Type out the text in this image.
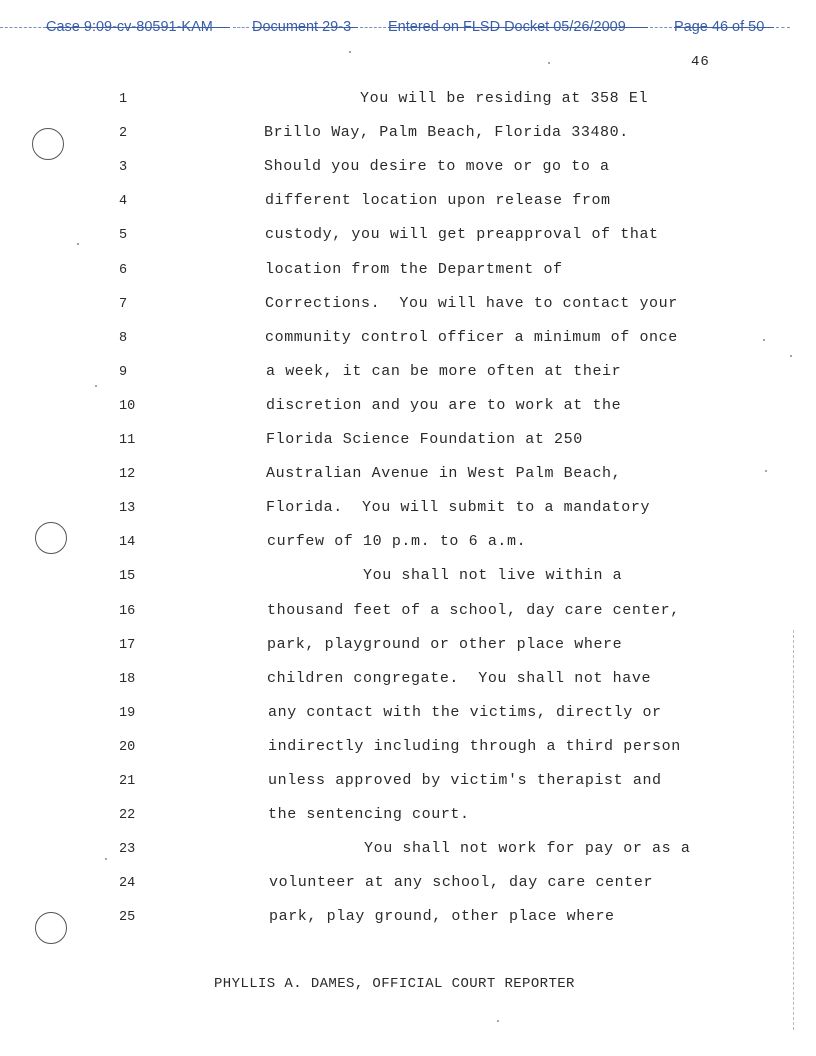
Case 9:09-cv-80591-KAM	Document 29-3	Entered on FLSD Docket 05/26/2009	Page 46 of 50
46
1	You will be residing at 358 El
2	Brillo Way, Palm Beach, Florida 33480.
3	Should you desire to move or go to a
4	different location upon release from
5	custody, you will get preapproval of that
6	location from the Department of
7	Corrections.  You will have to contact your
8	community control officer a minimum of once
9	a week, it can be more often at their
10	discretion and you are to work at the
11	Florida Science Foundation at 250
12	Australian Avenue in West Palm Beach,
13	Florida.  You will submit to a mandatory
14	curfew of 10 p.m. to 6 a.m.
15	You shall not live within a
16	thousand feet of a school, day care center,
17	park, playground or other place where
18	children congregate.  You shall not have
19	any contact with the victims, directly or
20	indirectly including through a third person
21	unless approved by victim's therapist and
22	the sentencing court.
23	You shall not work for pay or as a
24	volunteer at any school, day care center
25	park, play ground, other place where
PHYLLIS A. DAMES, OFFICIAL COURT REPORTER
